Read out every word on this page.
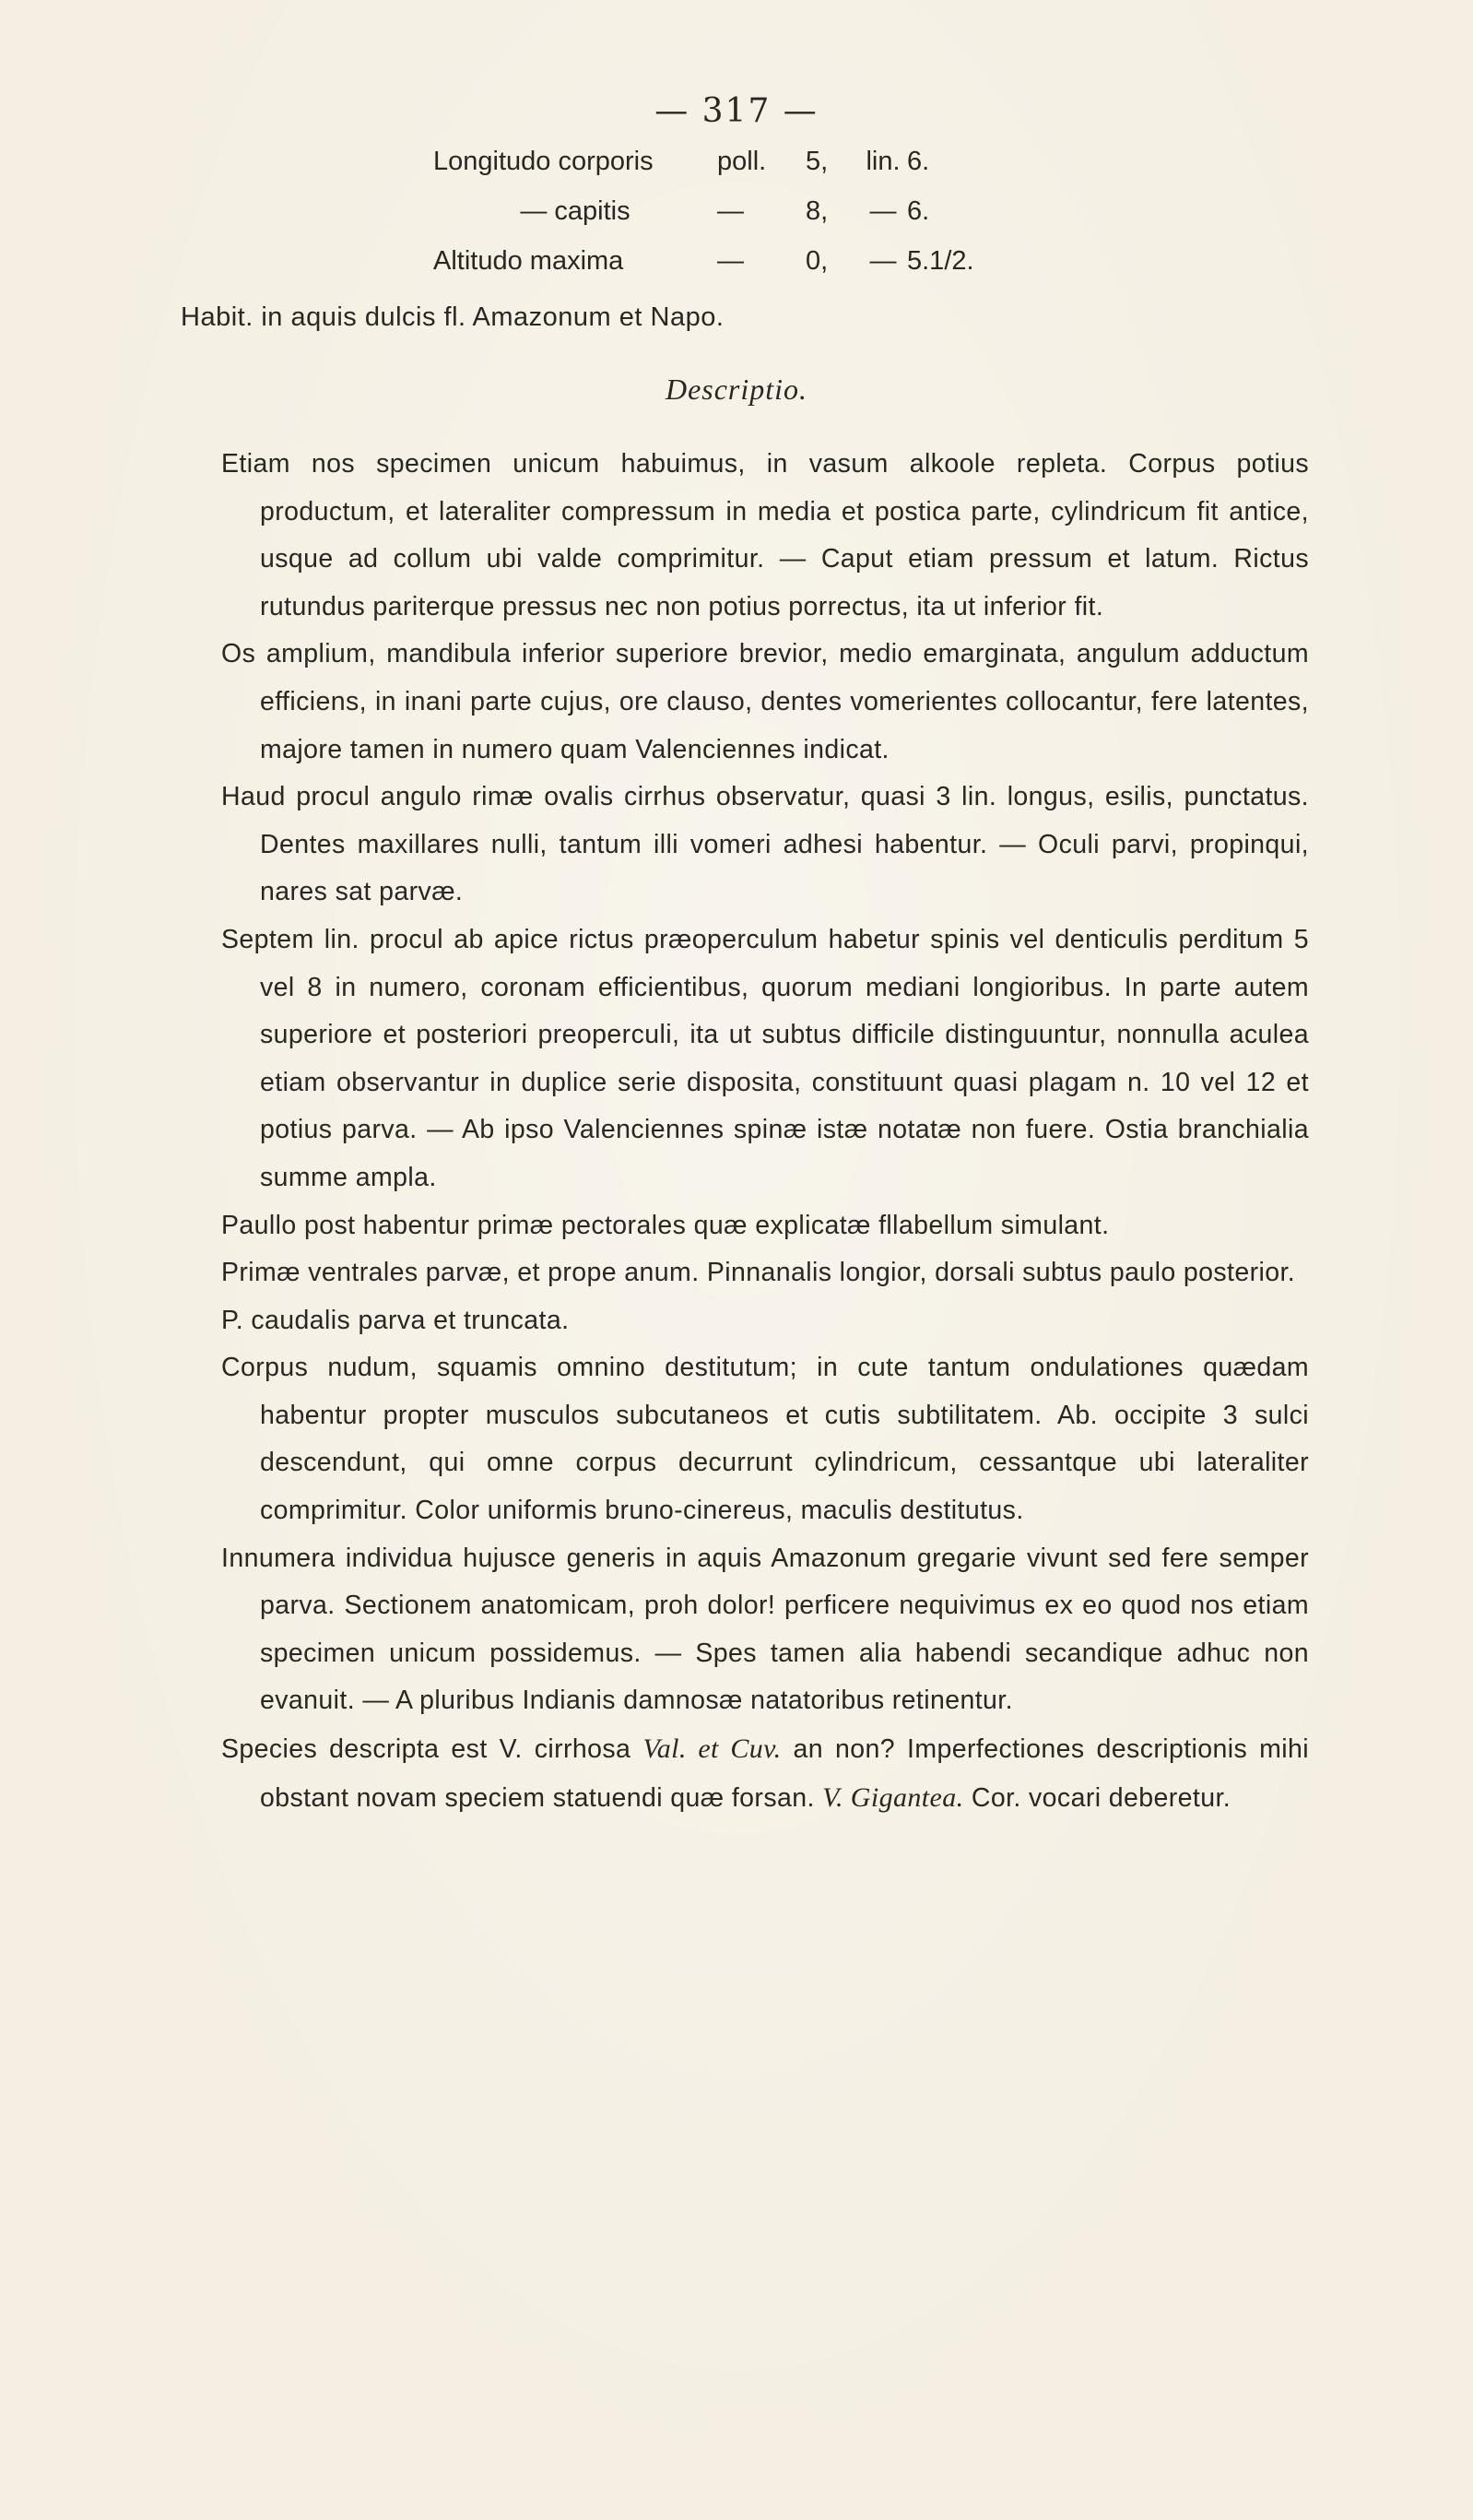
— 317 —
Longitudo corporis	poll.	5,	lin. 6.
— capitis	—	8,	— 6.
Altitudo maxima	—	0,	— 5.1/2.
Habit. in aquis dulcis fl. Amazonum et Napo.
Descriptio.

Etiam nos specimen unicum habuimus, in vasum alkoole repleta. Corpus potius productum, et lateraliter compressum in media et postica parte, cylindricum fit antice, usque ad collum ubi valde comprimitur. — Caput etiam pressum et latum. Rictus rutundus pariterque pressus nec non potius porrectus, ita ut inferior fit.

Os amplium, mandibula inferior superiore brevior, medio emarginata, angulum adductum efficiens, in inani parte cujus, ore clauso, dentes vomerientes collocantur, fere latentes, majore tamen in numero quam Valenciennes indicat.

Haud procul angulo rimæ ovalis cirrhus observatur, quasi 3 lin. longus, esilis, punctatus. Dentes maxillares nulli, tantum illi vomeri adhesi habentur. — Oculi parvi, propinqui, nares sat parvæ.

Septem lin. procul ab apice rictus præoperculum habetur spinis vel denticulis perditum 5 vel 8 in numero, coronam efficientibus, quorum mediani longioribus. In parte autem superiore et posteriori preoperculi, ita ut subtus difficile distinguuntur, nonnulla aculea etiam observantur in duplice serie disposita, constituunt quasi plagam n. 10 vel 12 et potius parva. — Ab ipso Valenciennes spinæ istæ notatæ non fuere. Ostia branchialia summe ampla.

Paullo post habentur primæ pectorales quæ explicatæ fllabellum simulant.

Primæ ventrales parvæ, et prope anum. Pinnanalis longior, dorsali subtus paulo posterior.

P. caudalis parva et truncata.

Corpus nudum, squamis omnino destitutum; in cute tantum ondulationes quædam habentur propter musculos subcutaneos et cutis subtilitatem. Ab. occipite 3 sulci descendunt, qui omne corpus decurrunt cylindricum, cessantque ubi lateraliter comprimitur. Color uniformis bruno-cinereus, maculis destitutus.

Innumera individua hujusce generis in aquis Amazonum gregarie vivunt sed fere semper parva. Sectionem anatomicam, proh dolor! perficere nequivimus ex eo quod nos etiam specimen unicum possidemus. — Spes tamen alia habendi secandique adhuc non evanuit. — A pluribus Indianis damnosæ natatoribus retinentur.

Species descripta est V. cirrhosa Val. et Cuv. an non? Imperfectiones descriptionis mihi obstant novam speciem statuendi quæ forsan. V. Gigantea. Cor. vocari deberetur.
